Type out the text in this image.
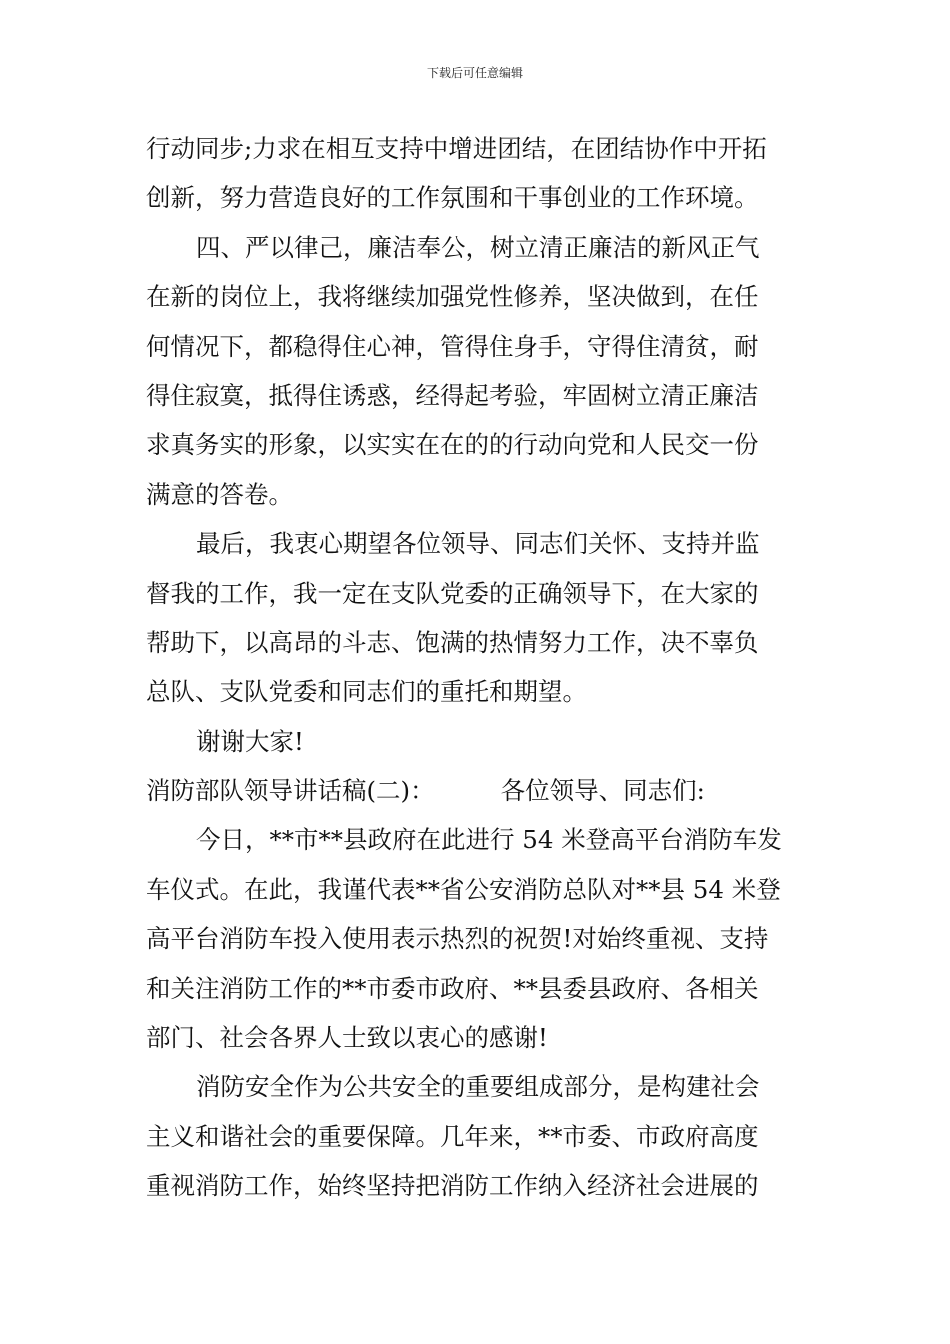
下载后可任意编辑
行动同步;力求在相互支持中增进团结，在团结协作中开拓
创新，努力营造良好的工作氛围和干事创业的工作环境。
四、严以律己，廉洁奉公，树立清正廉洁的新风正气
在新的岗位上，我将继续加强党性修养，坚决做到，在任
何情况下，都稳得住心神，管得住身手，守得住清贫，耐
得住寂寞，抵得住诱惑，经得起考验，牢固树立清正廉洁
求真务实的形象，以实实在在的的行动向党和人民交一份
满意的答卷。
最后，我衷心期望各位领导、同志们关怀、支持并监
督我的工作，我一定在支队党委的正确领导下，在大家的
帮助下，以高昂的斗志、饱满的热情努力工作，决不辜负
总队、支队党委和同志们的重托和期望。
谢谢大家!
消防部队领导讲话稿(二)：	各位领导、同志们:
今日，**市**县政府在此进行 54 米登高平台消防车发
车仪式。在此，我谨代表**省公安消防总队对**县 54 米登
高平台消防车投入使用表示热烈的祝贺!对始终重视、支持
和关注消防工作的**市委市政府、**县委县政府、各相关
部门、社会各界人士致以衷心的感谢!
消防安全作为公共安全的重要组成部分，是构建社会
主义和谐社会的重要保障。几年来，**市委、市政府高度
重视消防工作，始终坚持把消防工作纳入经济社会进展的
